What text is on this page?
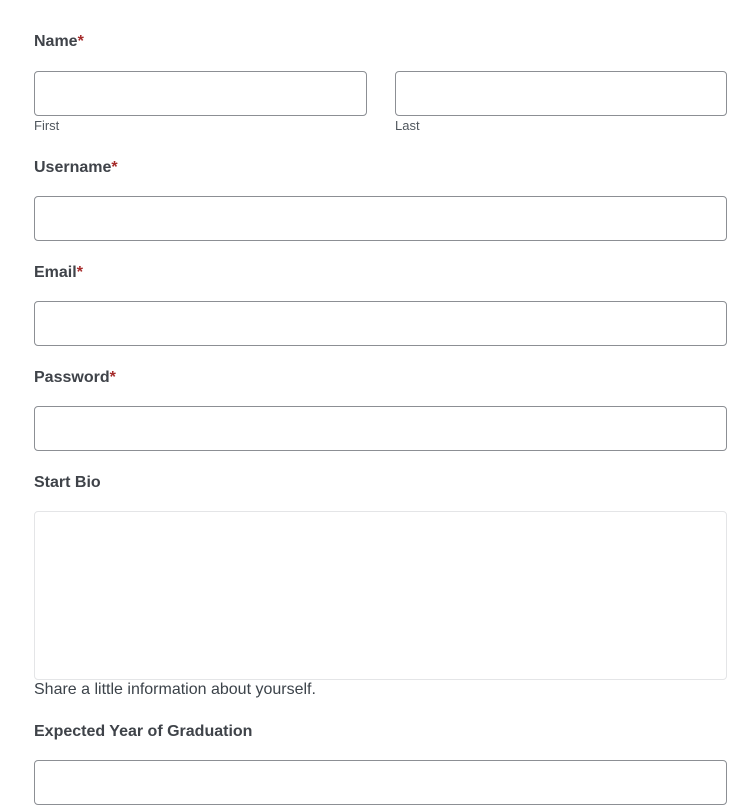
Name*
First	Last
Username*
Email*
Password*
Start Bio
Share a little information about yourself.
Expected Year of Graduation
